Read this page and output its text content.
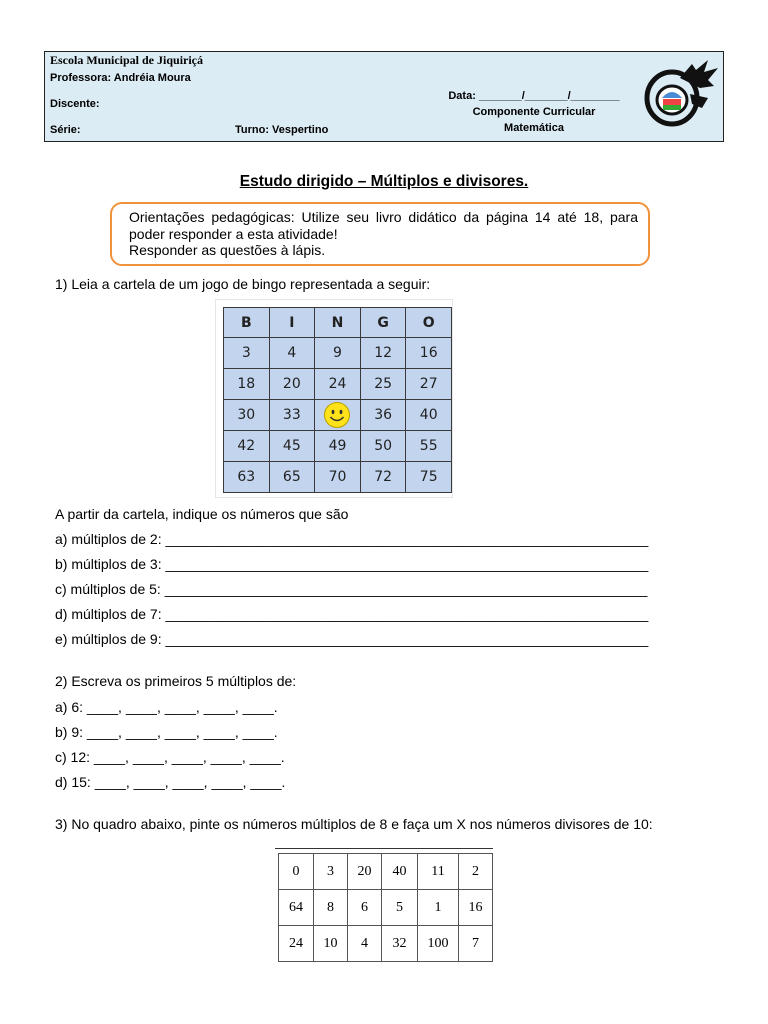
Escola Municipal de Jiquiriçá
Professora: Andréia Moura
Discente:
Série:	Turno: Vespertino
Data: _______/_______/________
Componente Curricular
Matemática
Estudo dirigido – Múltiplos e divisores.
Orientações pedagógicas: Utilize seu livro didático da página 14 até 18, para poder responder a esta atividade!
Responder as questões à lápis.
1) Leia a cartela de um jogo de bingo representada a seguir:
B	I	N	G	O
3	4	9	12	16
18	20	24	25	27
30	33		36	40
42	45	49	50	55
63	65	70	72	75
A partir da cartela, indique os números que são
a) múltiplos de 2: ______________________________________________________________
b) múltiplos de 3: ______________________________________________________________
c) múltiplos de 5: ______________________________________________________________
d) múltiplos de 7: ______________________________________________________________
e) múltiplos de 9: ______________________________________________________________
2) Escreva os primeiros 5 múltiplos de:
a) 6: ____, ____, ____, ____, ____.
b) 9: ____, ____, ____, ____, ____.
c) 12: ____, ____, ____, ____, ____.
d) 15: ____, ____, ____, ____, ____.
3) No quadro abaixo, pinte os números múltiplos de 8 e faça um X nos números divisores de 10:
0	3	20	40	11	2
64	8	6	5	1	16
24	10	4	32	100	7
